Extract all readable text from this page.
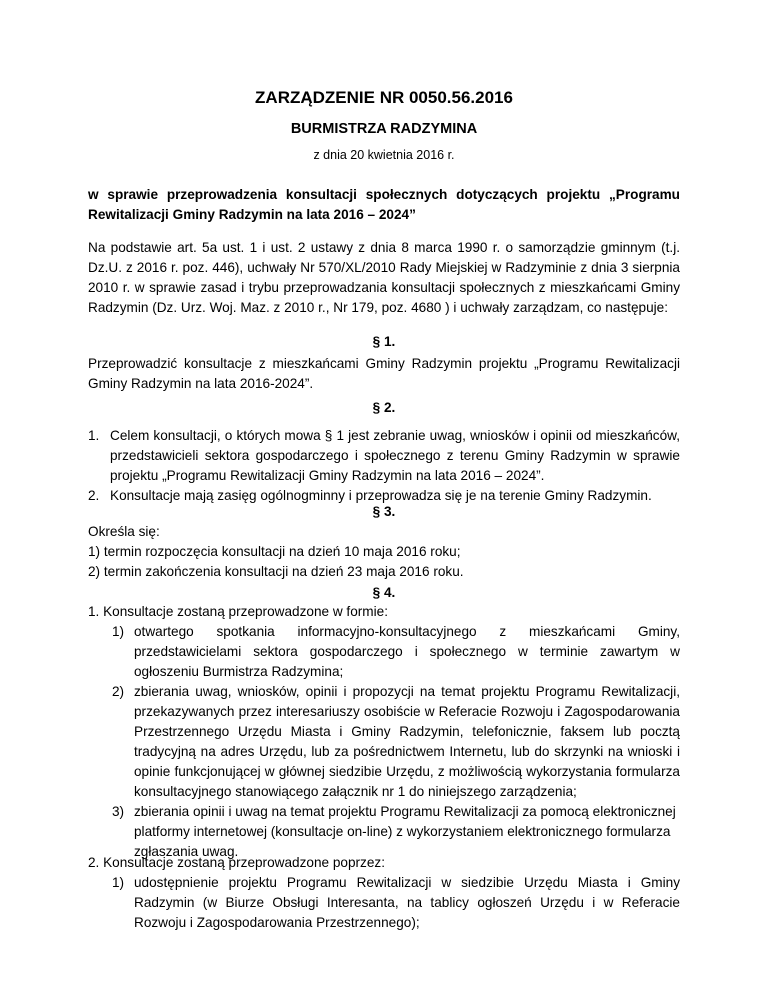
ZARZĄDZENIE NR 0050.56.2016
BURMISTRZA RADZYMINA
z dnia 20 kwietnia 2016 r.
w sprawie przeprowadzenia konsultacji społecznych dotyczących projektu „Programu Rewitalizacji Gminy Radzymin na lata 2016 – 2024”
Na podstawie art. 5a ust. 1 i ust. 2 ustawy z dnia 8 marca 1990 r. o samorządzie gminnym (t.j. Dz.U. z 2016 r. poz. 446), uchwały Nr 570/XL/2010 Rady Miejskiej w Radzyminie z dnia 3 sierpnia 2010 r. w sprawie zasad i trybu przeprowadzania konsultacji społecznych z mieszkańcami Gminy Radzymin (Dz. Urz. Woj. Maz. z 2010 r., Nr 179, poz. 4680 ) i uchwały zarządzam, co następuje:
§ 1.
Przeprowadzić konsultacje z mieszkańcami Gminy Radzymin projektu „Programu Rewitalizacji Gminy Radzymin na lata 2016-2024”.
§ 2.
1. Celem konsultacji, o których mowa § 1 jest zebranie uwag, wniosków i opinii od mieszkańców, przedstawicieli sektora gospodarczego i społecznego z terenu Gminy Radzymin w sprawie projektu „Programu Rewitalizacji Gminy Radzymin na lata 2016 – 2024”.
2. Konsultacje mają zasięg ogólnogminny i przeprowadza się je na terenie Gminy Radzymin.
§ 3.
Określa się:
1) termin rozpoczęcia konsultacji na dzień 10 maja 2016 roku;
2) termin zakończenia konsultacji na dzień 23 maja 2016 roku.
§ 4.
1. Konsultacje zostaną przeprowadzone w formie:
1) otwartego spotkania informacyjno-konsultacyjnego z mieszkańcami Gminy, przedstawicielami sektora gospodarczego i społecznego w terminie zawartym w ogłoszeniu Burmistrza Radzymina;
2) zbierania uwag, wniosków, opinii i propozycji na temat projektu Programu Rewitalizacji, przekazywanych przez interesariuszy osobiście w Referacie Rozwoju i Zagospodarowania Przestrzennego Urzędu Miasta i Gminy Radzymin, telefonicznie, faksem lub pocztą tradycyjną na adres Urzędu, lub za pośrednictwem Internetu, lub do skrzynki na wnioski i opinie funkcjonującej w głównej siedzibie Urzędu, z możliwością wykorzystania formularza konsultacyjnego stanowiącego załącznik nr 1 do niniejszego zarządzenia;
3) zbierania opinii i uwag na temat projektu Programu Rewitalizacji za pomocą elektronicznej platformy internetowej (konsultacje on-line) z wykorzystaniem elektronicznego formularza zgłaszania uwag.
2. Konsultacje zostaną przeprowadzone poprzez:
1) udostępnienie projektu Programu Rewitalizacji w siedzibie Urzędu Miasta i Gminy Radzymin (w Biurze Obsługi Interesanta, na tablicy ogłoszeń Urzędu i w Referacie Rozwoju i Zagospodarowania Przestrzennego);
